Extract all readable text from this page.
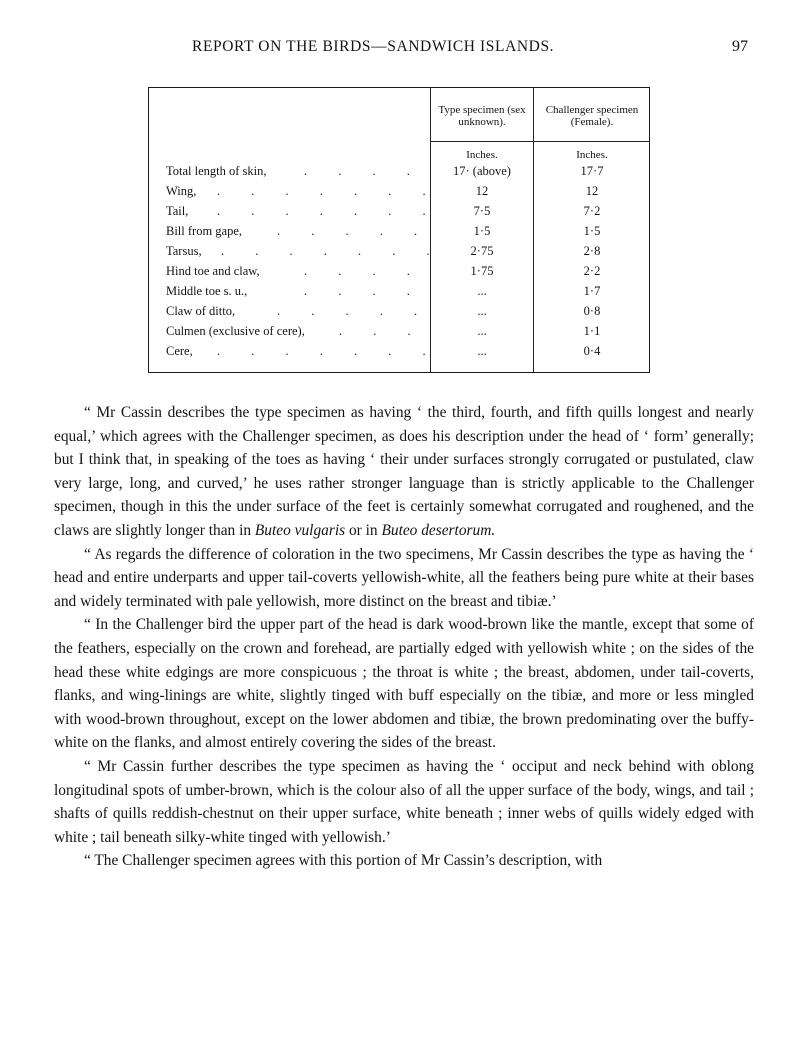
REPORT ON THE BIRDS—SANDWICH ISLANDS.	97
Type specimen (sex unknown).
Challenger specimen (Female).
Inches.	Inches.
Total length of skin,	. . . .	17· (above)	17·7
Wing, . . . . . . .	12	12
Tail, . . . . . . .	7·5	7·2
Bill from gape,	. . . . .	1·5	1·5
Tarsus, . . . . . . .	2·75	2·8
Hind toe and claw,	. . . .	1·75	2·2
Middle toe s. u.,	. . . .	...	1·7
Claw of ditto,	. . . . .	...	0·8
Culmen (exclusive of cere),	. . .	...	1·1
Cere, . . . . . . .	...	0·4

“ Mr Cassin describes the type specimen as having ‘ the third, fourth, and fifth quills longest and nearly equal,’ which agrees with the Challenger specimen, as does his description under the head of ‘ form’ generally; but I think that, in speaking of the toes as having ‘ their under surfaces strongly corrugated or pustulated, claw very large, long, and curved,’ he uses rather stronger language than is strictly applicable to the Challenger specimen, though in this the under surface of the feet is certainly somewhat corrugated and roughened, and the claws are slightly longer than in Buteo vulgaris or in Buteo desertorum.

“ As regards the difference of coloration in the two specimens, Mr Cassin describes the type as having the ‘ head and entire underparts and upper tail-coverts yellowish-white, all the feathers being pure white at their bases and widely terminated with pale yellowish, more distinct on the breast and tibiæ.’

“ In the Challenger bird the upper part of the head is dark wood-brown like the mantle, except that some of the feathers, especially on the crown and forehead, are partially edged with yellowish white ; on the sides of the head these white edgings are more conspicuous ; the throat is white ; the breast, abdomen, under tail-coverts, flanks, and wing-linings are white, slightly tinged with buff especially on the tibiæ, and more or less mingled with wood-brown throughout, except on the lower abdomen and tibiæ, the brown predominating over the buffy-white on the flanks, and almost entirely covering the sides of the breast.

“ Mr Cassin further describes the type specimen as having the ‘ occiput and neck behind with oblong longitudinal spots of umber-brown, which is the colour also of all the upper surface of the body, wings, and tail ; shafts of quills reddish-chestnut on their upper surface, white beneath ; inner webs of quills widely edged with white ; tail beneath silky-white tinged with yellowish.’

“ The Challenger specimen agrees with this portion of Mr Cassin’s description, with
